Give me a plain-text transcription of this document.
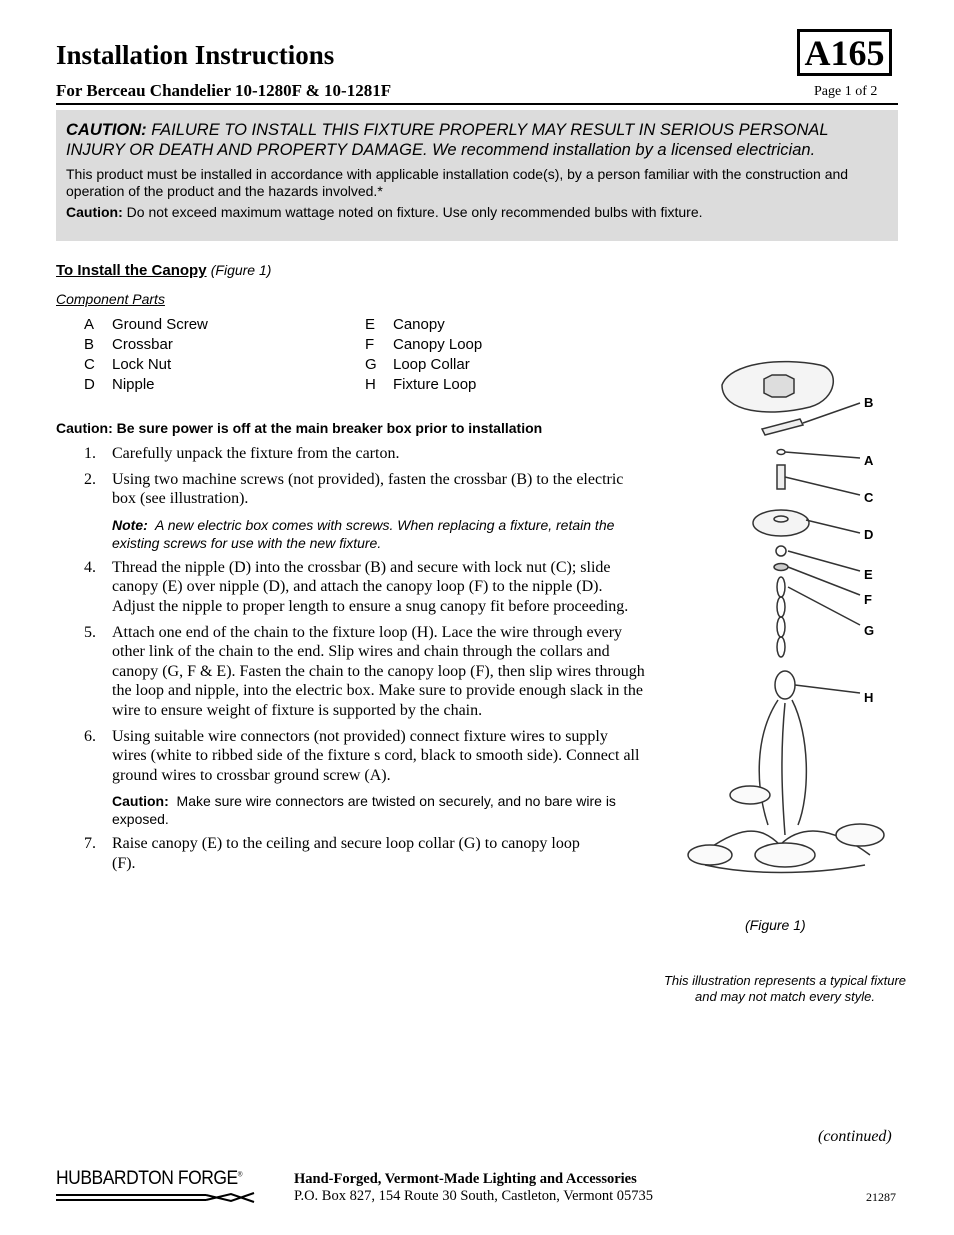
Installation Instructions
For Berceau Chandelier 10-1280F & 10-1281F
A165
Page 1 of 2

CAUTION: FAILURE TO INSTALL THIS FIXTURE PROPERLY MAY RESULT IN SERIOUS PERSONAL INJURY OR DEATH AND PROPERTY DAMAGE. We recommend installation by a licensed electrician.

This product must be installed in accordance with applicable installation code(s), by a person familiar with the construction and operation of the product and the hazards involved.*

Caution: Do not exceed maximum wattage noted on fixture. Use only recommended bulbs with fixture.

To Install the Canopy (Figure 1)
Component Parts
A Ground Screw
B Crossbar
C Lock Nut
D Nipple
E Canopy
F Canopy Loop
G Loop Collar
H Fixture Loop
Caution: Be sure power is off at the main breaker box prior to installation
1.	Carefully unpack the fixture from the carton.
2.	Using two machine screws (not provided), fasten the crossbar (B) to the electric box (see illustration).
Note: A new electric box comes with screws. When replacing a fixture, retain the existing screws for use with the new fixture.
4.	Thread the nipple (D) into the crossbar (B) and secure with lock nut (C); slide canopy (E) over nipple (D), and attach the canopy loop (F) to the nipple (D). Adjust the nipple to proper length to ensure a snug canopy fit before proceeding.
5.	Attach one end of the chain to the fixture loop (H). Lace the wire through every other link of the chain to the end. Slip wires and chain through the collars and canopy (G, F & E). Fasten the chain to the canopy loop (F), then slip wires through the loop and nipple, into the electric box. Make sure to provide enough slack in the wire to ensure weight of fixture is supported by the chain.
6.	Using suitable wire connectors (not provided) connect fixture wires to supply wires (white to ribbed side of the fixture s cord, black to smooth side). Connect all ground wires to crossbar ground screw (A).
Caution: Make sure wire connectors are twisted on securely, and no bare wire is exposed.
7.	Raise canopy (E) to the ceiling and secure loop collar (G) to canopy loop (F).
B
A
C
D
E
F
G
H
(Figure 1)
This illustration represents a typical fixture and may not match every style.
(continued)
HUBBARDTON FORGE®	Hand-Forged, Vermont-Made Lighting and Accessories
P.O. Box 827, 154 Route 30 South, Castleton, Vermont 05735	21287
